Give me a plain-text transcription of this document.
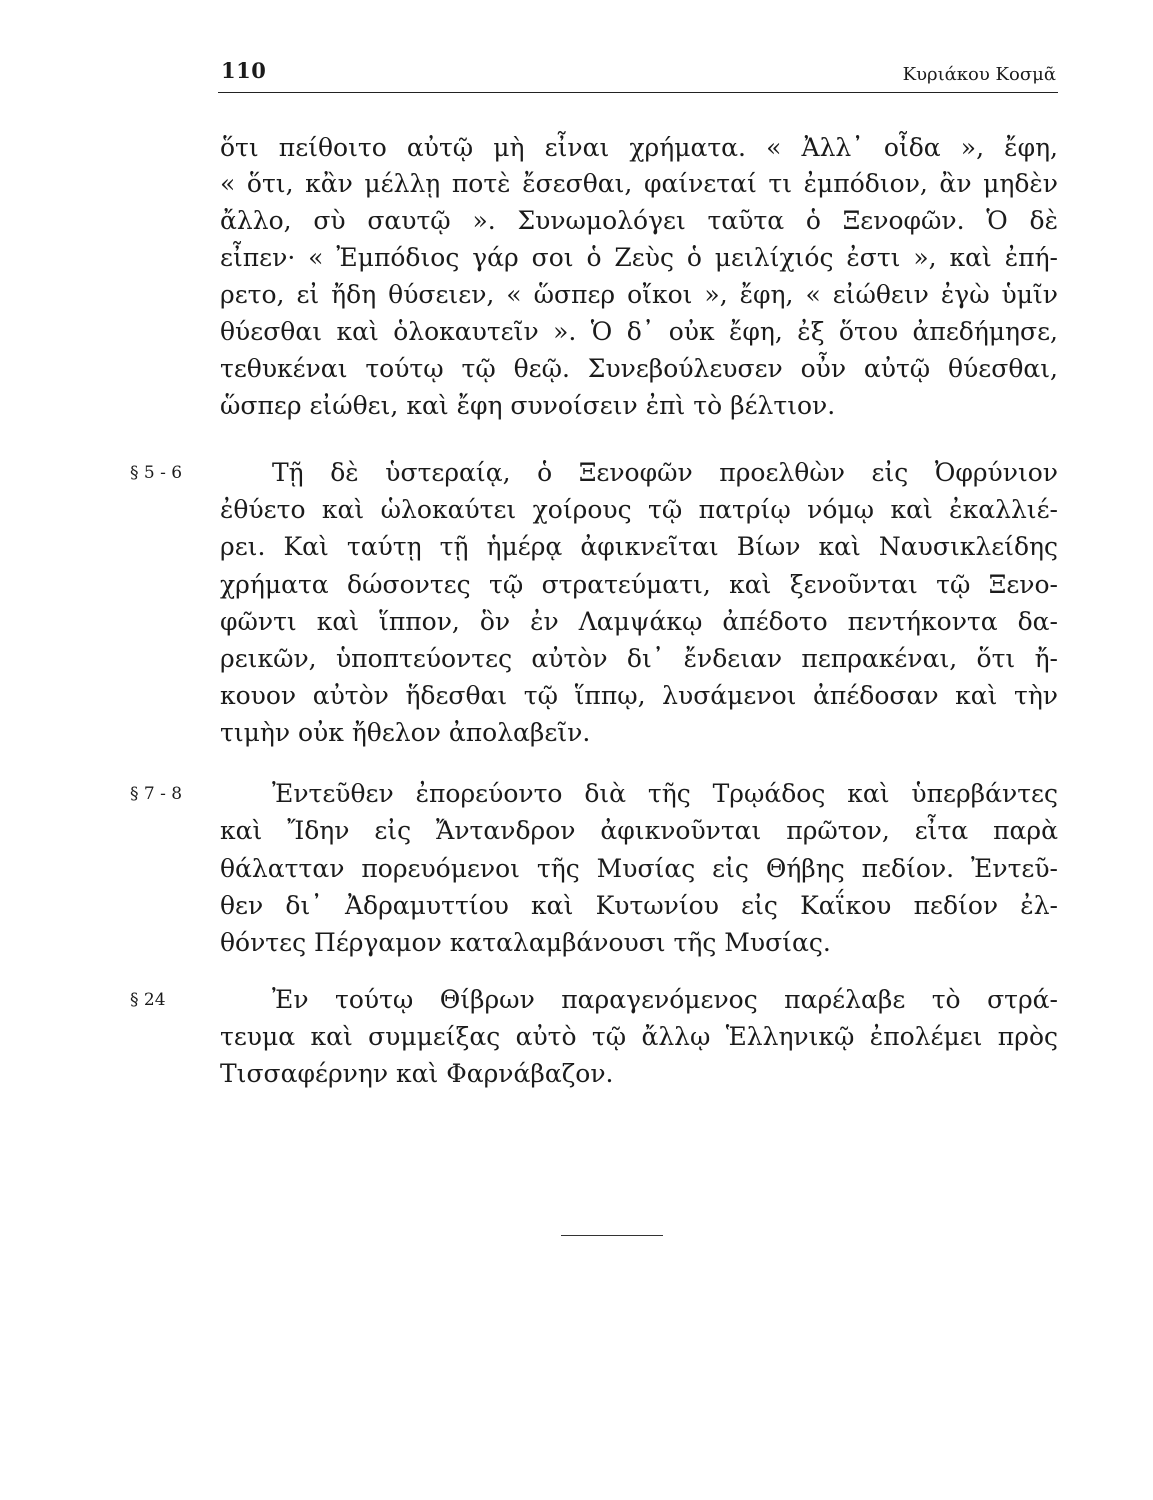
110	Κυριάκου Κοσμᾶ
ὅτι πείθοιτο αὐτῷ μὴ εἶναι χρήματα. « Ἀλλ᾽ οἶδα », ἔφη,
« ὅτι, κἂν μέλλῃ ποτὲ ἔσεσθαι, φαίνεταί τι ἐμπόδιον, ἂν μηδὲν
ἄλλο, σὺ σαυτῷ ». Συνωμολόγει ταῦτα ὁ Ξενοφῶν. Ὁ δὲ
εἶπεν· « Ἐμπόδιος γάρ σοι ὁ Ζεὺς ὁ μειλίχιός ἐστι », καὶ ἐπή-
ρετο, εἰ ἤδη θύσειεν, « ὥσπερ οἴκοι », ἔφη, « εἰώθειν ἐγὼ ὑμῖν
θύεσθαι καὶ ὁλοκαυτεῖν ». Ὁ δ᾽ οὐκ ἔφη, ἐξ ὅτου ἀπεδήμησε,
τεθυκέναι τούτῳ τῷ θεῷ. Συνεβούλευσεν οὖν αὐτῷ θύεσθαι,
ὥσπερ εἰώθει, καὶ ἔφη συνοίσειν ἐπὶ τὸ βέλτιον.
§ 5 - 6	Τῇ δὲ ὑστεραίᾳ, ὁ Ξενοφῶν προελθὼν εἰς Ὀφρύνιον
ἐθύετο καὶ ὡλοκαύτει χοίρους τῷ πατρίῳ νόμῳ καὶ ἐκαλλιέ-
ρει. Καὶ ταύτῃ τῇ ἡμέρᾳ ἀφικνεῖται Βίων καὶ Ναυσικλείδης
χρήματα δώσοντες τῷ στρατεύματι, καὶ ξενοῦνται τῷ Ξενο-
φῶντι καὶ ἵππον, ὃν ἐν Λαμψάκῳ ἀπέδοτο πεντήκοντα δα-
ρεικῶν, ὑποπτεύοντες αὐτὸν δι᾽ ἔνδειαν πεπρακέναι, ὅτι ἤ-
κουον αὐτὸν ἥδεσθαι τῷ ἵππῳ, λυσάμενοι ἀπέδοσαν καὶ τὴν
τιμὴν οὐκ ἤθελον ἀπολαβεῖν.
§ 7 - 8	Ἐντεῦθεν ἐπορεύοντο διὰ τῆς Τρῳάδος καὶ ὑπερβάντες
καὶ Ἴδην εἰς Ἄντανδρον ἀφικνοῦνται πρῶτον, εἶτα παρὰ
θάλατταν πορευόμενοι τῆς Μυσίας εἰς Θήβης πεδίον. Ἐντεῦ-
θεν δι᾽ Ἀδραμυττίου καὶ Κυτωνίου εἰς Καΐκου πεδίον ἐλ-
θόντες Πέργαμον καταλαμβάνουσι τῆς Μυσίας.
§ 24	Ἐν τούτῳ Θίβρων παραγενόμενος παρέλαβε τὸ στρά-
τευμα καὶ συμμείξας αὐτὸ τῷ ἄλλῳ Ἑλληνικῷ ἐπολέμει πρὸς
Τισσαφέρνην καὶ Φαρνάβαζον.
